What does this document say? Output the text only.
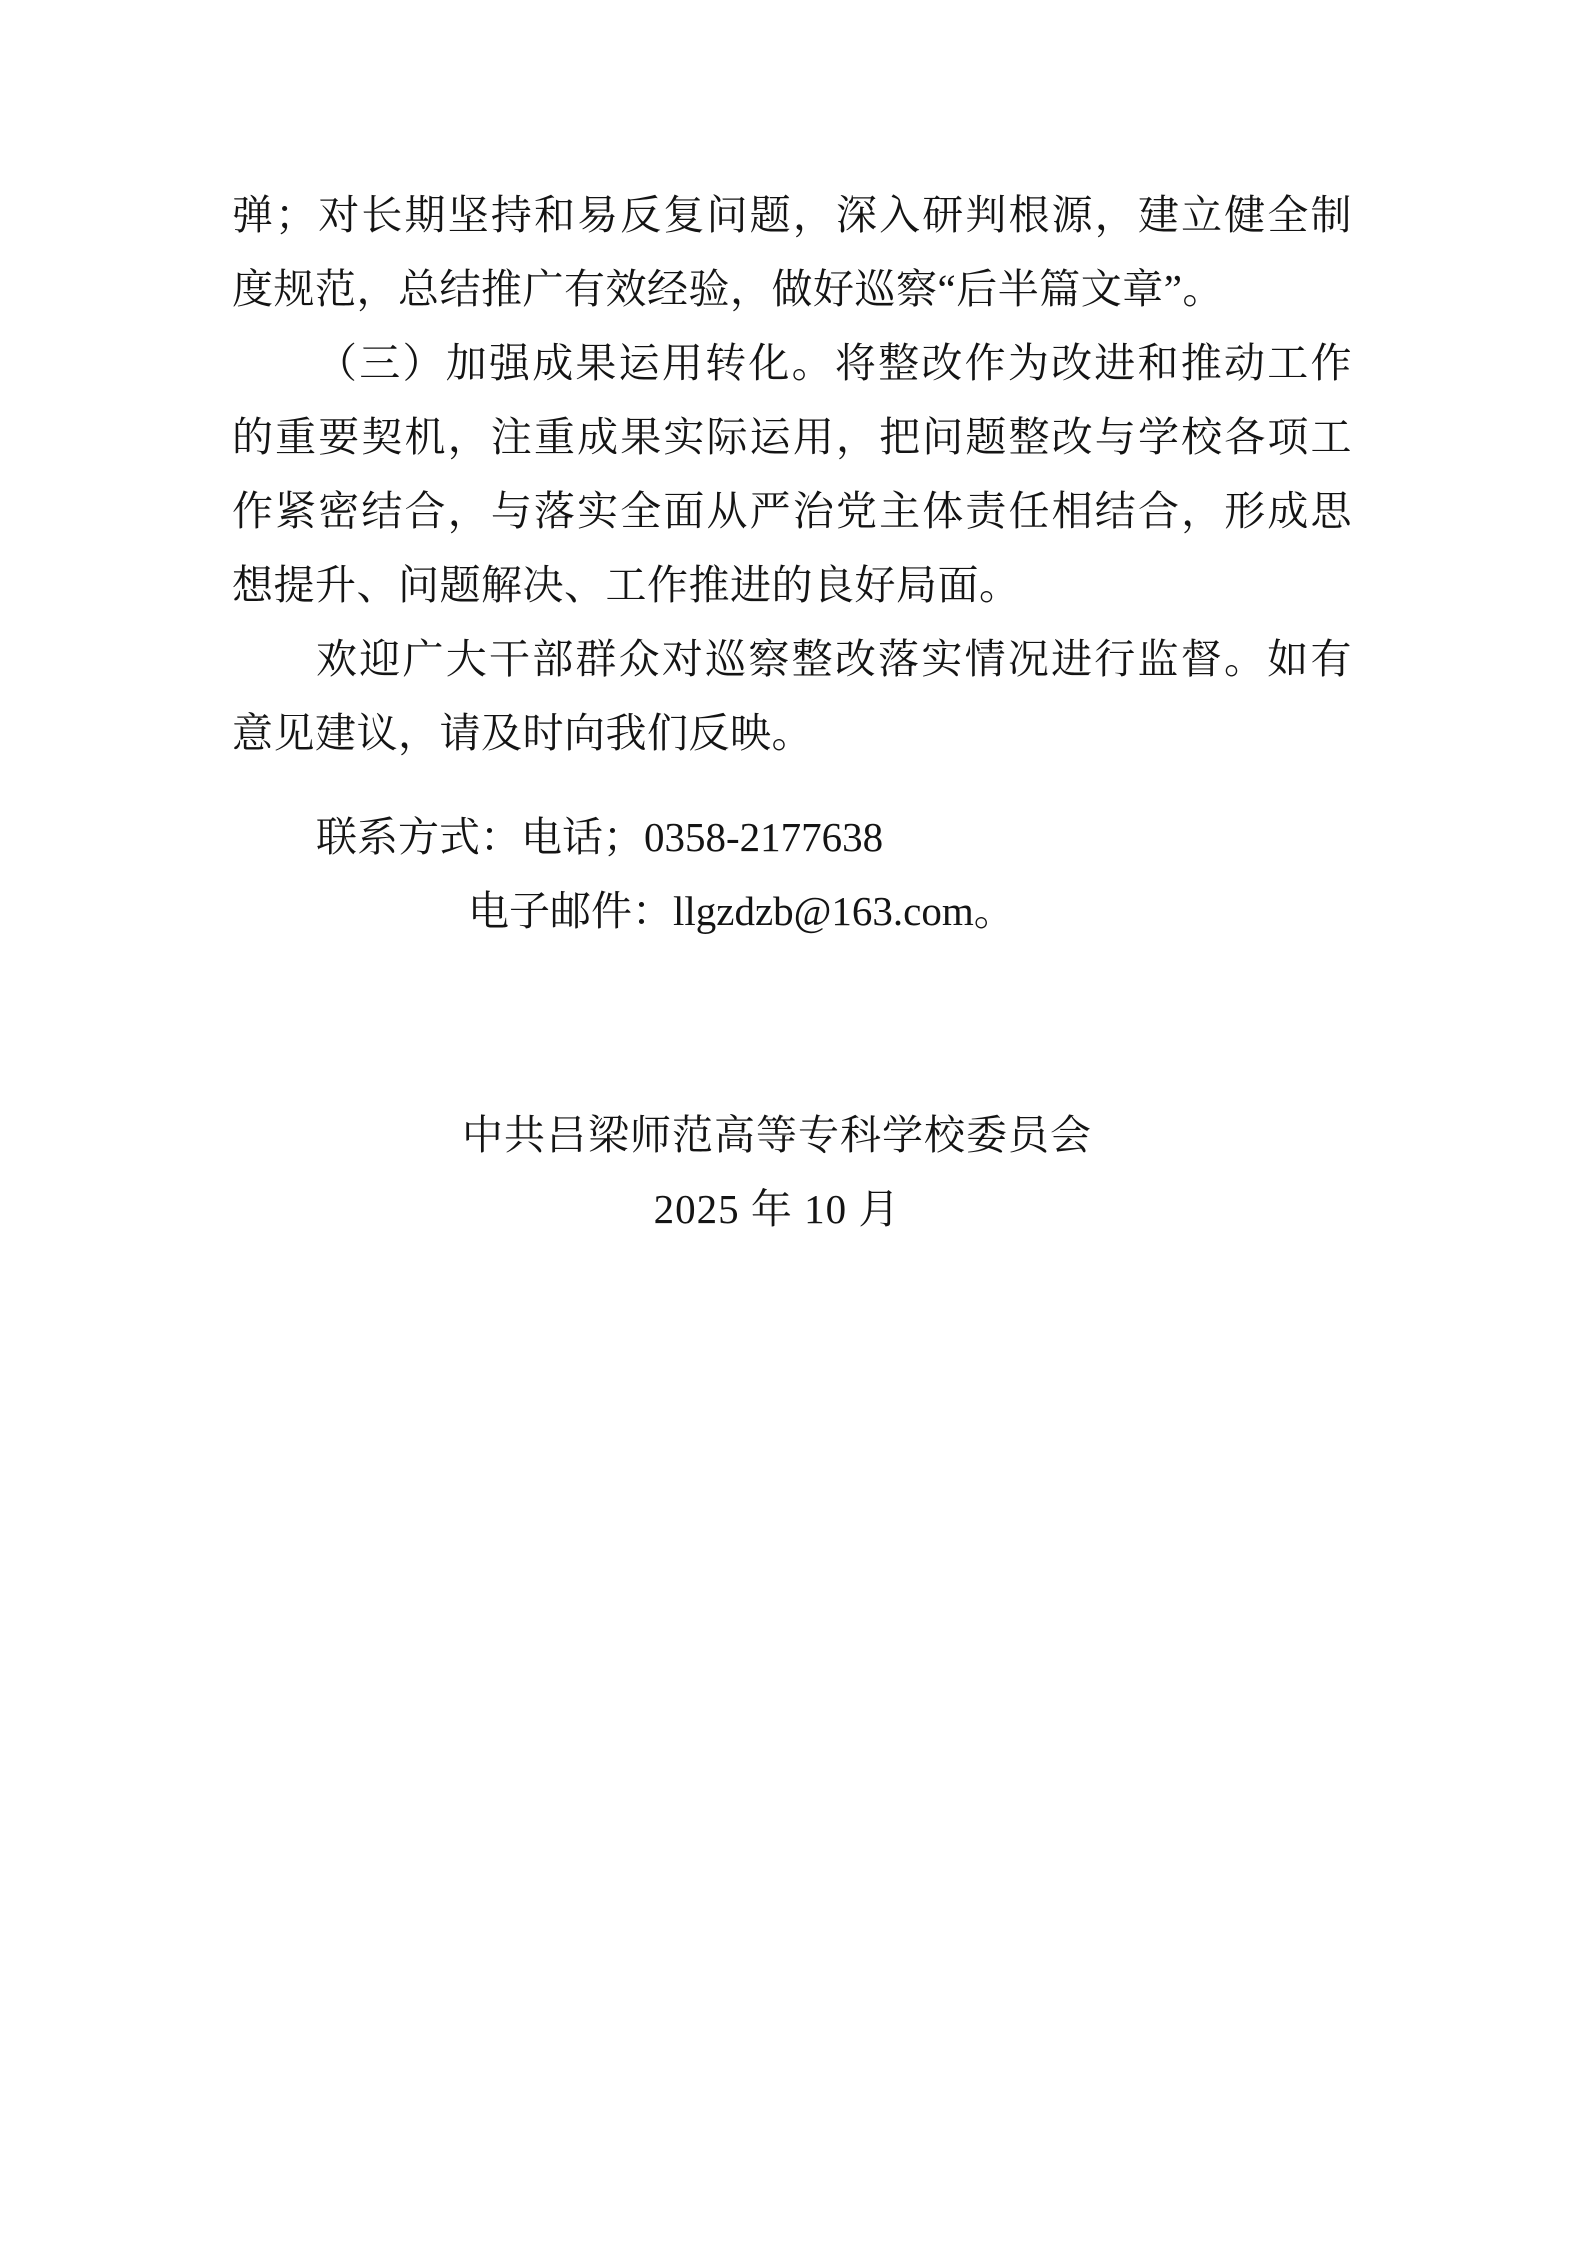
弹；对长期坚持和易反复问题，深入研判根源，建立健全制度规范，总结推广有效经验，做好巡察“后半篇文章”。

（三）加强成果运用转化。将整改作为改进和推动工作的重要契机，注重成果实际运用，把问题整改与学校各项工作紧密结合，与落实全面从严治党主体责任相结合，形成思想提升、问题解决、工作推进的良好局面。

欢迎广大干部群众对巡察整改落实情况进行监督。如有意见建议，请及时向我们反映。

联系方式：电话；0358-2177638

电子邮件：llgzdzb@163.com。

中共吕梁师范高等专科学校委员会

2025 年 10 月
